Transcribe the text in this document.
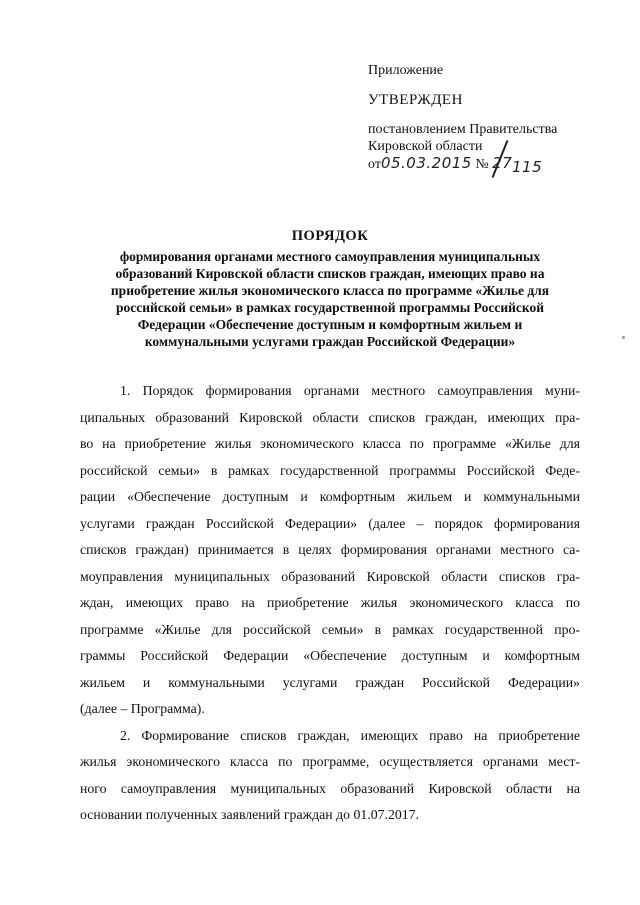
Приложение
УТВЕРЖДЕН
постановлением Правительства
Кировской области
от05.03.2015 № 27 115
ПОРЯДОК
формирования органами местного самоуправления муниципальных
образований Кировской области списков граждан, имеющих право на
приобретение жилья экономического класса по программе «Жилье для
российской семьи» в рамках государственной программы Российской
Федерации «Обеспечение доступным и комфортным жильем и
коммунальными услугами граждан Российской Федерации»
1. Порядок формирования органами местного самоуправления муни-
ципальных образований Кировской области списков граждан, имеющих пра-
во на приобретение жилья экономического класса по программе «Жилье для
российской семьи» в рамках государственной программы Российской Феде-
рации «Обеспечение доступным и комфортным жильем и коммунальными
услугами граждан Российской Федерации» (далее – порядок формирования
списков граждан) принимается в целях формирования органами местного са-
моуправления муниципальных образований Кировской области списков гра-
ждан, имеющих право на приобретение жилья экономического класса по
программе «Жилье для российской семьи» в рамках государственной про-
граммы Российской Федерации «Обеспечение доступным и комфортным
жильем и коммунальными услугами граждан Российской Федерации»
(далее – Программа).
2. Формирование списков граждан, имеющих право на приобретение
жилья экономического класса по программе, осуществляется органами мест-
ного самоуправления муниципальных образований Кировской области на
основании полученных заявлений граждан до 01.07.2017.
